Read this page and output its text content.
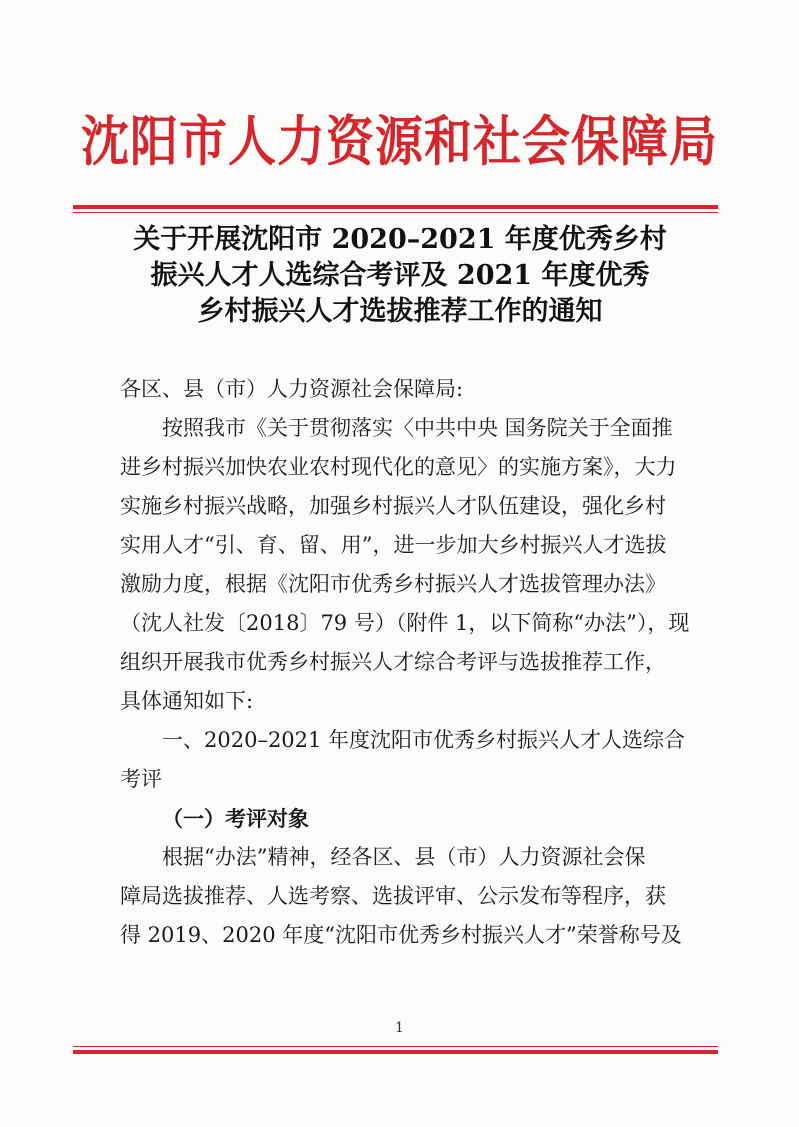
沈阳市人力资源和社会保障局
关于开展沈阳市 2020–2021 年度优秀乡村
振兴人才人选综合考评及 2021 年度优秀
乡村振兴人才选拔推荐工作的通知
各区、县（市）人力资源社会保障局:
按照我市《关于贯彻落实〈中共中央 国务院关于全面推
进乡村振兴加快农业农村现代化的意见〉的实施方案》，大力
实施乡村振兴战略，加强乡村振兴人才队伍建设，强化乡村
实用人才“引、育、留、用”，进一步加大乡村振兴人才选拔
激励力度，根据《沈阳市优秀乡村振兴人才选拔管理办法》
（沈人社发〔2018〕79 号）（附件 1，以下简称“办法”），现
组织开展我市优秀乡村振兴人才综合考评与选拔推荐工作，
具体通知如下:
一、2020–2021 年度沈阳市优秀乡村振兴人才人选综合
考评
（一）考评对象
根据“办法”精神，经各区、县（市）人力资源社会保
障局选拔推荐、人选考察、选拔评审、公示发布等程序，获
得 2019、2020 年度“沈阳市优秀乡村振兴人才”荣誉称号及
1
